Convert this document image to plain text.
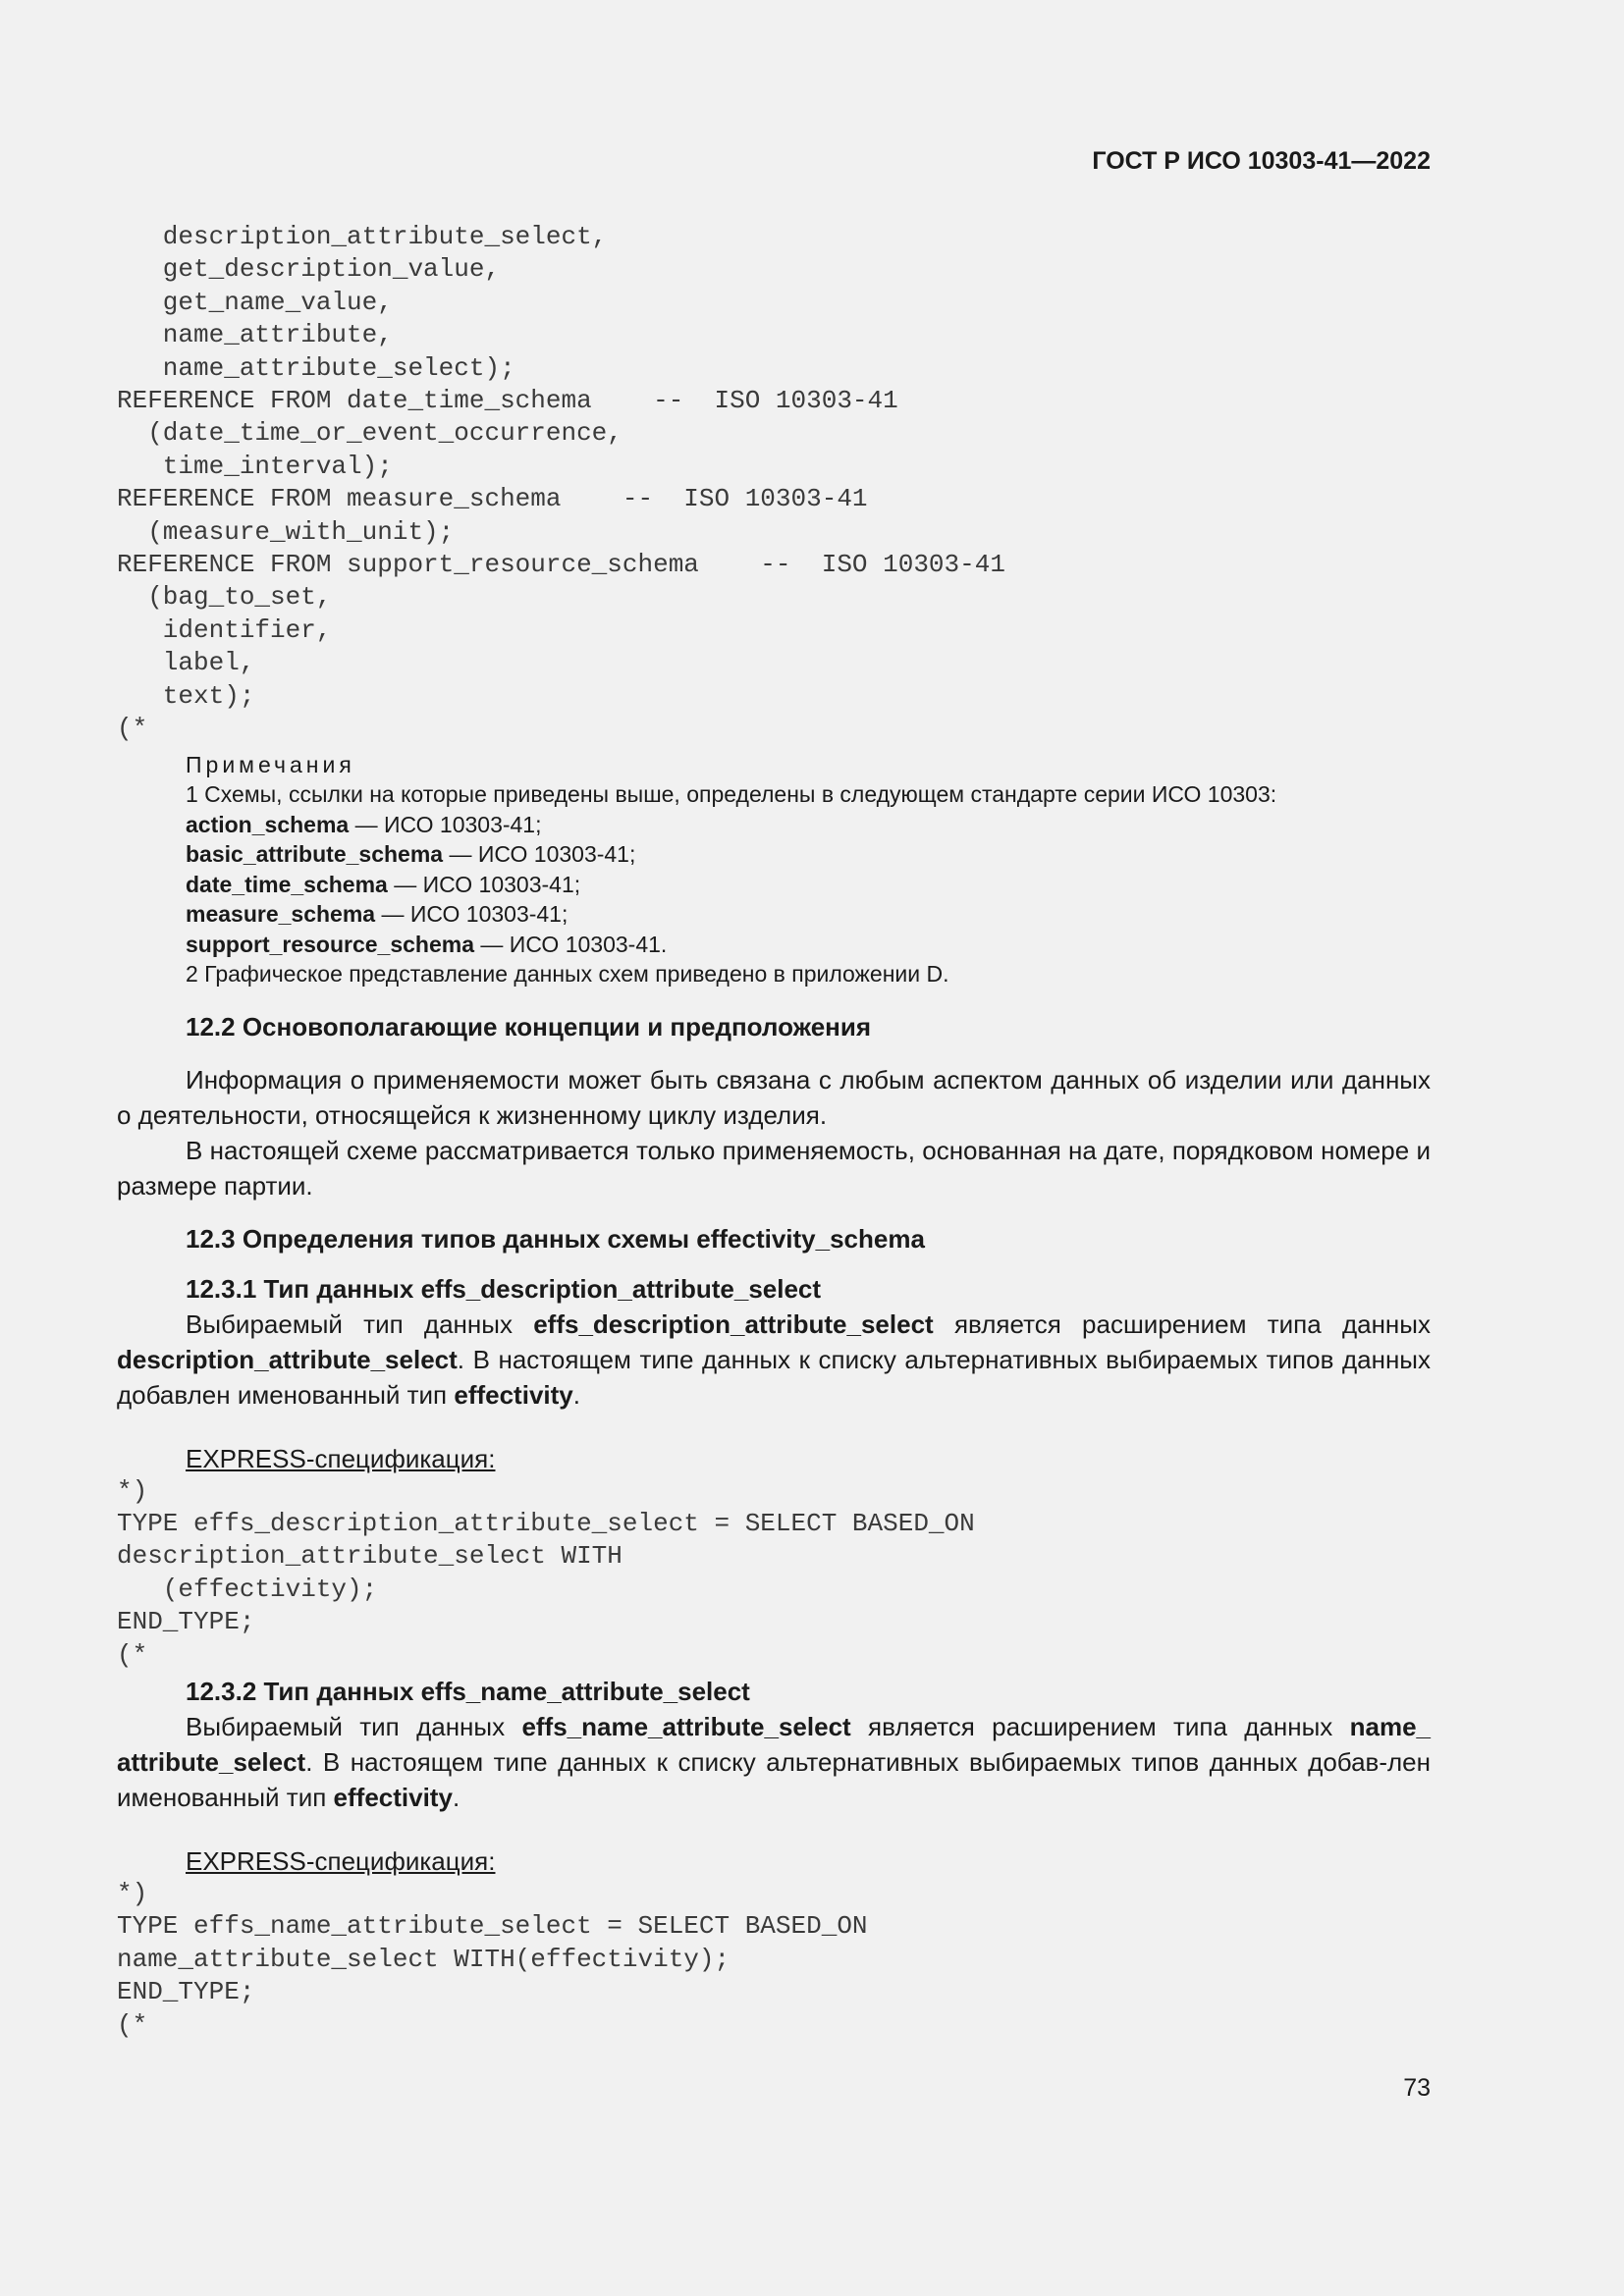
ГОСТ Р ИСО 10303-41—2022
description_attribute_select,
get_description_value,
get_name_value,
name_attribute,
name_attribute_select);
REFERENCE FROM date_time_schema    --  ISO 10303-41
(date_time_or_event_occurrence,
time_interval);
REFERENCE FROM measure_schema    --  ISO 10303-41
(measure_with_unit);
REFERENCE FROM support_resource_schema    --  ISO 10303-41
(bag_to_set,
identifier,
label,
text);
(*
Примечания
1 Схемы, ссылки на которые приведены выше, определены в следующем стандарте серии ИСО 10303:
action_schema — ИСО 10303-41;
basic_attribute_schema — ИСО 10303-41;
date_time_schema — ИСО 10303-41;
measure_schema — ИСО 10303-41;
support_resource_schema — ИСО 10303-41.
2 Графическое представление данных схем приведено в приложении D.
12.2 Основополагающие концепции и предположения

Информация о применяемости может быть связана с любым аспектом данных об изделии или данных о деятельности, относящейся к жизненному циклу изделия.

В настоящей схеме рассматривается только применяемость, основанная на дате, порядковом номере и размере партии.

12.3 Определения типов данных схемы effectivity_schema
12.3.1 Тип данных effs_description_attribute_select

Выбираемый тип данных effs_description_attribute_select является расширением типа данных description_attribute_select. В настоящем типе данных к списку альтернативных выбираемых типов данных добавлен именованный тип effectivity.

EXPRESS-спецификация:
*)
TYPE effs_description_attribute_select = SELECT BASED_ON
description_attribute_select WITH
(effectivity);
END_TYPE;
(*
12.3.2 Тип данных effs_name_attribute_select

Выбираемый тип данных effs_name_attribute_select является расширением типа данных name_ attribute_select. В настоящем типе данных к списку альтернативных выбираемых типов данных добав-лен именованный тип effectivity.

EXPRESS-спецификация:
*)
TYPE effs_name_attribute_select = SELECT BASED_ON
name_attribute_select WITH(effectivity);
END_TYPE;
(*
73
